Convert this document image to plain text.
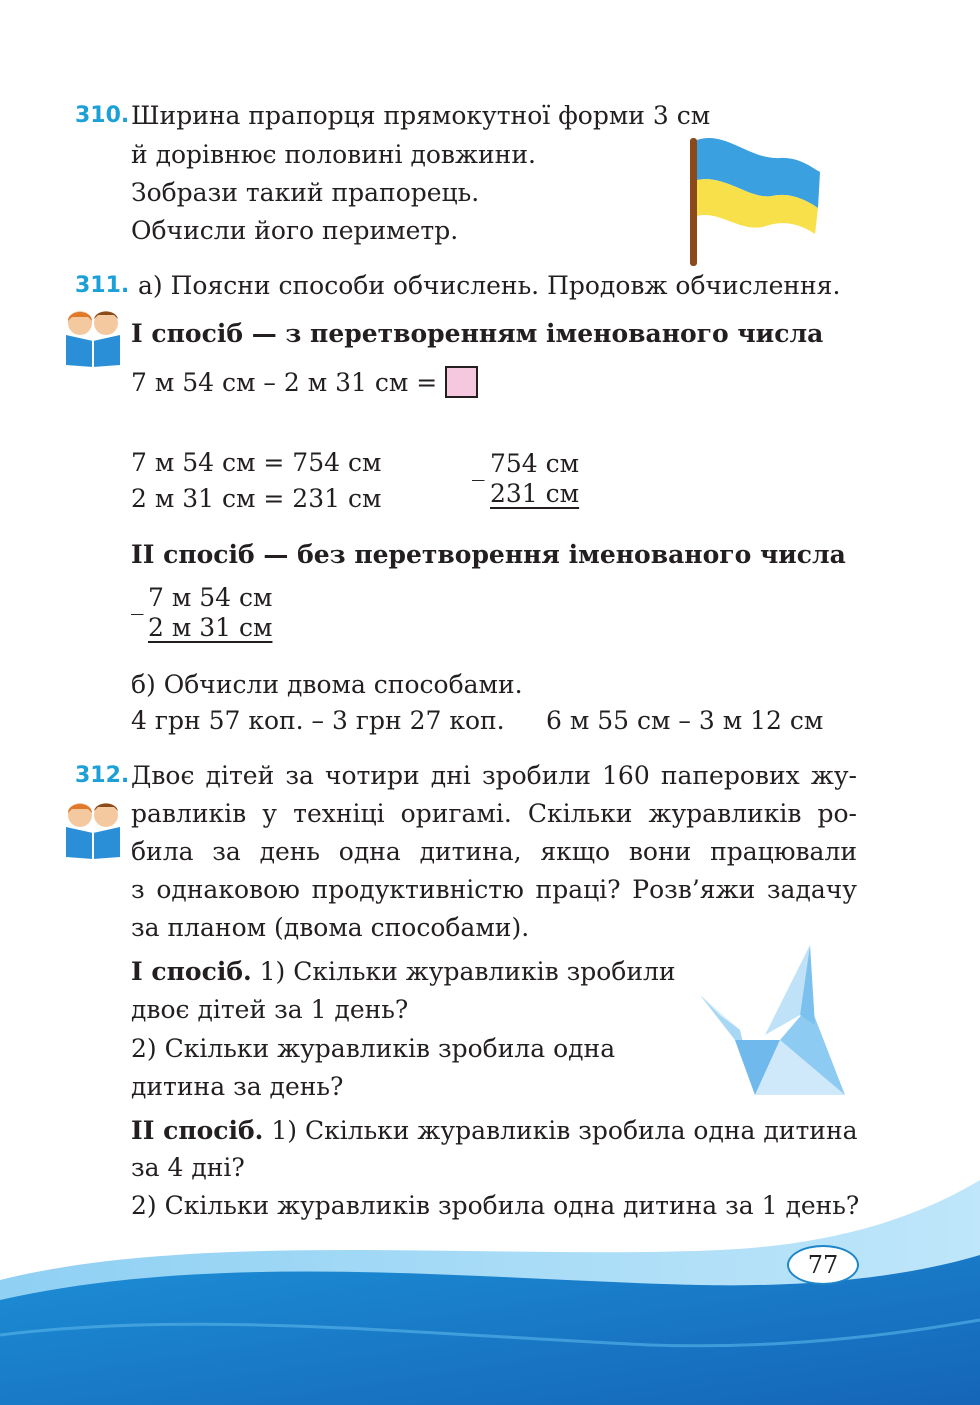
310. Ширина прапорця прямокутної форми 3 см
й дорівнює половині довжини.
Зобрази такий прапорець.
Обчисли його периметр.
311. а) Поясни способи обчислень. Продовж обчислення.
І спосіб — з перетворенням іменованого числа
7 м 54 см – 2 м 31 см =
7 м 54 см = 754 см
2 м 31 см = 231 см
_ 754 см
231 см
ІІ спосіб — без перетворення іменованого числа
_ 7 м 54 см
2 м 31 см
б) Обчисли двома способами.
4 грн 57 коп. – 3 грн 27 коп. 6 м 55 см – 3 м 12 см
312. Двоє дітей за чотири дні зробили 160 паперових жу-
равликів у техніці оригамі. Скільки журавликів ро-
била за день одна дитина, якщо вони працювали
з однаковою продуктивністю праці? Розв’яжи задачу
за планом (двома способами).
І спосіб. 1) Скільки журавликів зробили
двоє дітей за 1 день?
2) Скільки журавликів зробила одна
дитина за день?
ІІ спосіб. 1) Скільки журавликів зробила одна дитина
за 4 дні?
2) Скільки журавликів зробила одна дитина за 1 день?
77
